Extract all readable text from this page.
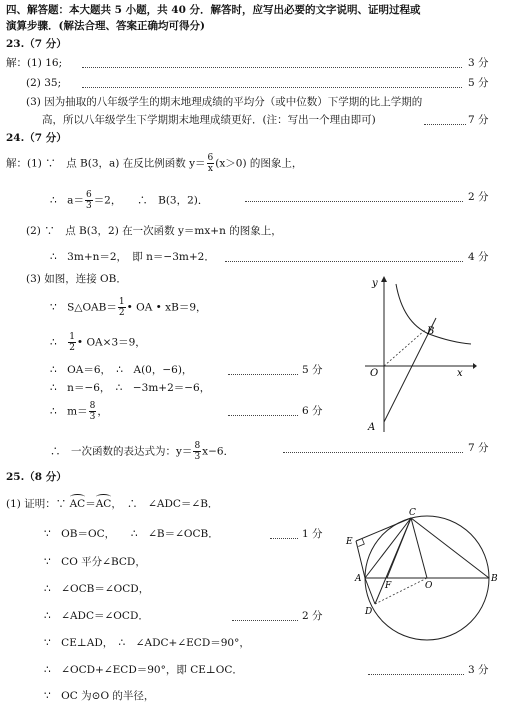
四、解答题：本大题共 5 小题，共 40 分．解答时，应写出必要的文字说明、证明过程或
演算步骤．(解法合理、答案正确均可得分)
23.（7 分）
解：(1) 16;	3 分
(2) 35;	5 分
(3) 因为抽取的八年级学生的期末地理成绩的平均分（或中位数）下学期的比上学期的
高，所以八年级学生下学期期末地理成绩更好．(注：写出一个理由即可)	7 分
24.（7 分）
解：(1) ∵　点 B(3，a) 在反比例函数 $y= \frac{6}{x} (x>0)$ 的图象上，
∴　$a= \frac{6}{3} =2$，　　∴　B(3，2)．	2 分
(2) ∵　点 B(3，2) 在一次函数 y＝mx+n 的图象上，
∴　3m+n＝2，　即 n＝−3m+2．	4 分
(3) 如图，连接 OB．
∵　S△OAB＝ $\frac{1}{2}$ • OA • xB＝9，
∴　 $\frac{1}{2}$ • OA×3＝9，
∴　OA＝6，　∴　A(0，−6)，	5 分
∴　n＝−6，　∴　−3m+2＝−6，
∴　$m= \frac{8}{3}$ ，	6 分
∴　一次函数的表达式为：$y= \frac{8}{3} x-6$．	7 分
y
x
O
B
A
25.（8 分）
(1) 证明：∵ AC＝AC，　∴　∠ADC＝∠B．
∵　OB＝OC，　　∴　∠B＝∠OCB．	1 分
∵　CO 平分∠BCD，
∴　∠OCB＝∠OCD，
∴　∠ADC＝∠OCD．	2 分
∵　CE⊥AD，　∴　∠ADC+∠ECD＝90°，
∴　∠OCD+∠ECD＝90°，即 CE⊥OC．	3 分
∵　OC 为⊙O 的半径，
C
E
A
F	O
B
D
